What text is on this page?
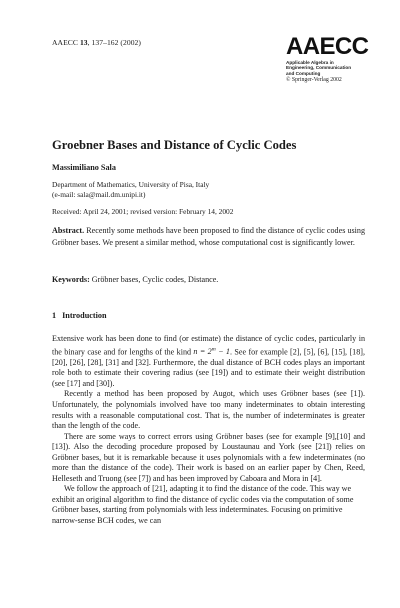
AAECC 13, 137–162 (2002)	AAECC
Applicable Algebra in
Engineering, Communication
and Computing
© Springer-Verlag 2002
Groebner Bases and Distance of Cyclic Codes
Massimiliano Sala
Department of Mathematics, University of Pisa, Italy
(e-mail: sala@mail.dm.unipi.it)
Received: April 24, 2001; revised version: February 14, 2002
Abstract. Recently some methods have been proposed to find the distance of cyclic codes using Gröbner bases. We present a similar method, whose computational cost is significantly lower.
Keywords: Gröbner bases, Cyclic codes, Distance.
1 Introduction

Extensive work has been done to find (or estimate) the distance of cyclic codes, particularly in the binary case and for lengths of the kind $n = 2^m - 1$. See for example [2], [5], [6], [15], [18], [20], [26], [28], [31] and [32]. Furthermore, the dual distance of BCH codes plays an important role both to estimate their covering radius (see [19]) and to estimate their weight distribution (see [17] and [30]).

Recently a method has been proposed by Augot, which uses Gröbner bases (see [1]). Unfortunately, the polynomials involved have too many indeterminates to obtain interesting results with a reasonable computational cost. That is, the number of indeterminates is greater than the length of the code.

There are some ways to correct errors using Gröbner bases (see for example [9],[10] and [13]). Also the decoding procedure proposed by Loustaunau and York (see [21]) relies on Gröbner bases, but it is remarkable because it uses polynomials with a few indeterminates (no more than the distance of the code). Their work is based on an earlier paper by Chen, Reed, Helleseth and Truong (see [7]) and has been improved by Caboara and Mora in [4].

We follow the approach of [21], adapting it to find the distance of the code. This way we exhibit an original algorithm to find the distance of cyclic codes via the computation of some Gröbner bases, starting from polynomials with less indeterminates. Focusing on primitive narrow-sense BCH codes, we can
